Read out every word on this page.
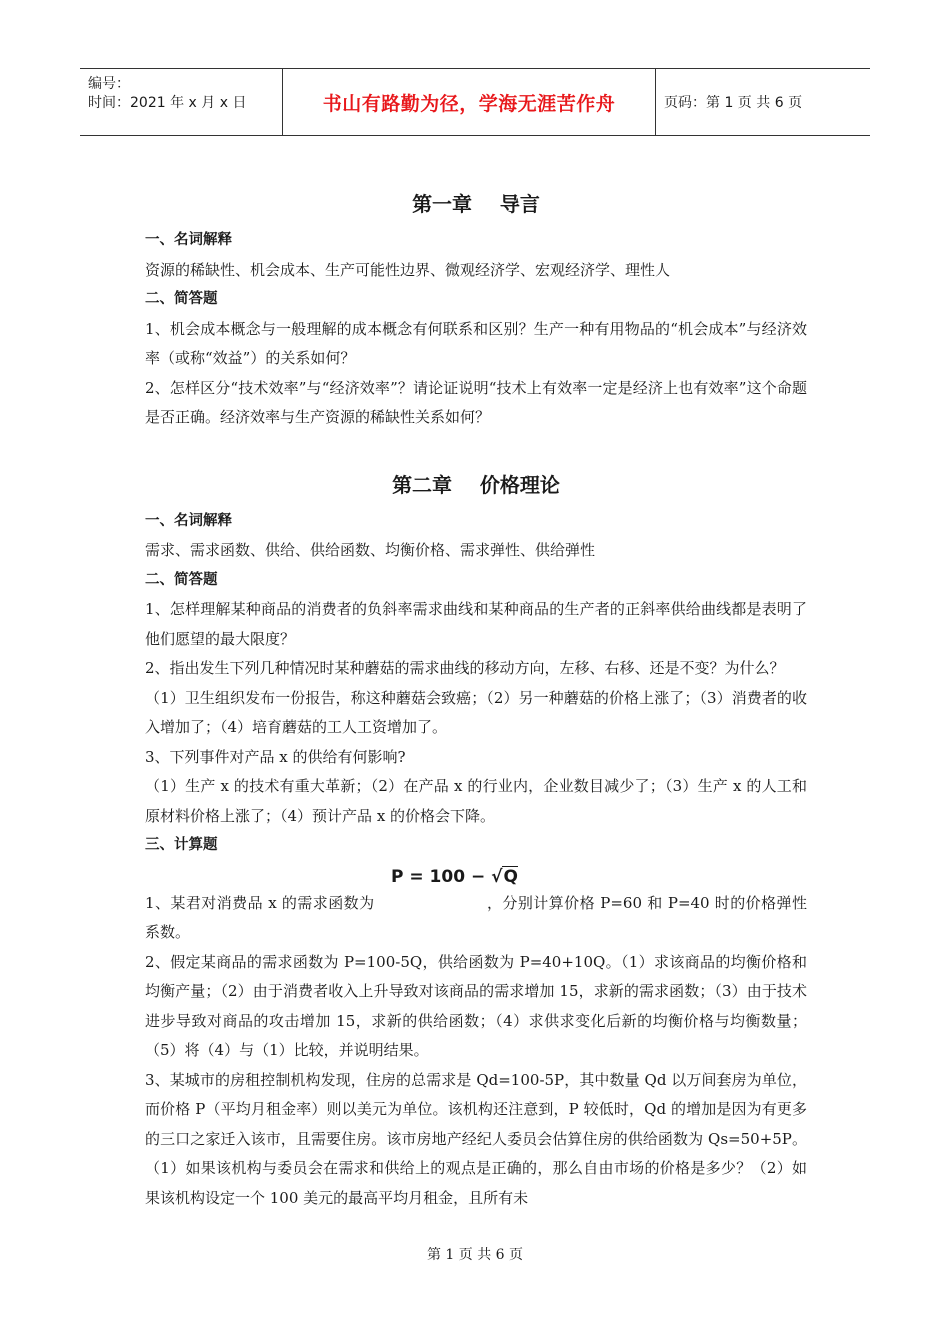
编号：
时间：2021 年 x 月 x 日	书山有路勤为径，学海无涯苦作舟	页码：第 1 页 共 6 页
第一章    导言
一、名词解释
资源的稀缺性、机会成本、生产可能性边界、微观经济学、宏观经济学、理性人
二、简答题
1、机会成本概念与一般理解的成本概念有何联系和区别？生产一种有用物品的“机会成本”与经济效率（或称“效益”）的关系如何？
2、怎样区分“技术效率”与“经济效率”？请论证说明“技术上有效率一定是经济上也有效率”这个命题是否正确。经济效率与生产资源的稀缺性关系如何？
第二章    价格理论
一、名词解释
需求、需求函数、供给、供给函数、均衡价格、需求弹性、供给弹性
二、简答题
1、怎样理解某种商品的消费者的负斜率需求曲线和某种商品的生产者的正斜率供给曲线都是表明了他们愿望的最大限度？
2、指出发生下列几种情况时某种蘑菇的需求曲线的移动方向，左移、右移、还是不变？为什么？
（1）卫生组织发布一份报告，称这种蘑菇会致癌；（2）另一种蘑菇的价格上涨了；（3）消费者的收入增加了；（4）培育蘑菇的工人工资增加了。
3、下列事件对产品 x 的供给有何影响?
（1）生产 x 的技术有重大革新；（2）在产品 x 的行业内，企业数目减少了；（3）生产 x 的人工和原材料价格上涨了；（4）预计产品 x 的价格会下降。
三、计算题
1、某君对消费品 x 的需求函数为	，分别计算价格 P=60 和 P=40 时的价格弹性系数。
P = 100 − √Q
2、假定某商品的需求函数为 P=100-5Q，供给函数为 P=40+10Q。（1）求该商品的均衡价格和均衡产量；（2）由于消费者收入上升导致对该商品的需求增加 15，求新的需求函数；（3）由于技术进步导致对商品的攻击增加 15，求新的供给函数；（4）求供求变化后新的均衡价格与均衡数量；（5）将（4）与（1）比较，并说明结果。
3、某城市的房租控制机构发现，住房的总需求是 Qd=100-5P，其中数量 Qd 以万间套房为单位，而价格 P（平均月租金率）则以美元为单位。该机构还注意到，P 较低时，Qd 的增加是因为有更多的三口之家迁入该市，且需要住房。该市房地产经纪人委员会估算住房的供给函数为 Qs=50+5P。（1）如果该机构与委员会在需求和供给上的观点是正确的，那么自由市场的价格是多少？（2）如果该机构设定一个 100 美元的最高平均月租金，且所有未
第 1 页 共 6 页
